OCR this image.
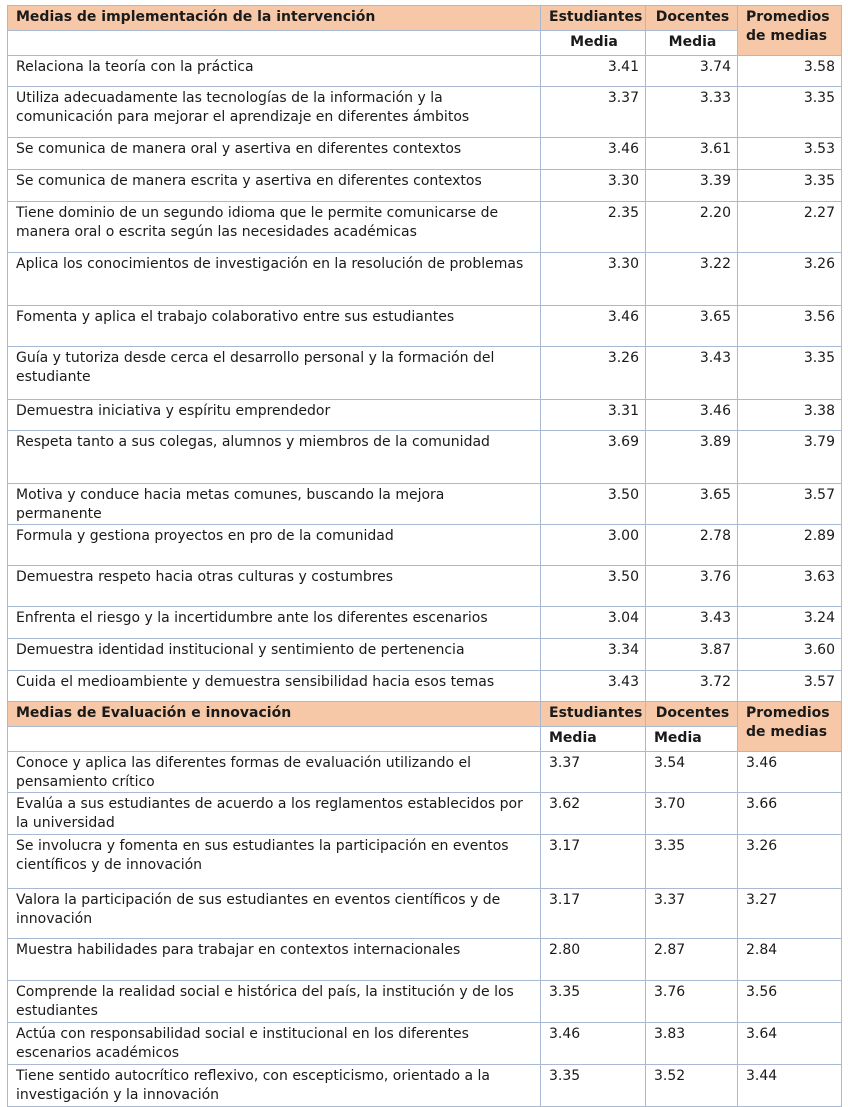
Medias de implementación de la intervención	Estudiantes	Docentes	Promedios de medias
	Media	Media	
Relaciona la teoría con la práctica	3.41	3.74	3.58
Utiliza adecuadamente las tecnologías de la información y la comunicación para mejorar el aprendizaje en diferentes ámbitos	3.37	3.33	3.35
Se comunica de manera oral y asertiva en diferentes contextos	3.46	3.61	3.53
Se comunica de manera escrita y asertiva en diferentes contextos	3.30	3.39	3.35
Tiene dominio de un segundo idioma que le permite comunicarse de manera oral o escrita según las necesidades académicas	2.35	2.20	2.27
Aplica los conocimientos de investigación en la resolución de problemas	3.30	3.22	3.26
Fomenta y aplica el trabajo colaborativo entre sus estudiantes	3.46	3.65	3.56
Guía y tutoriza desde cerca el desarrollo personal y la formación del estudiante	3.26	3.43	3.35
Demuestra iniciativa y espíritu emprendedor	3.31	3.46	3.38
Respeta tanto a sus colegas, alumnos y miembros de la comunidad	3.69	3.89	3.79
Motiva y conduce hacia metas comunes, buscando la mejora permanente	3.50	3.65	3.57
Formula y gestiona proyectos en pro de la comunidad	3.00	2.78	2.89
Demuestra respeto hacia otras culturas y costumbres	3.50	3.76	3.63
Enfrenta el riesgo y la incertidumbre ante los diferentes escenarios	3.04	3.43	3.24
Demuestra identidad institucional y sentimiento de pertenencia	3.34	3.87	3.60
Cuida el medioambiente y demuestra sensibilidad hacia esos temas	3.43	3.72	3.57
Medias de Evaluación e innovación	Estudiantes	Docentes	Promedios de medias
	Media	Media	
Conoce y aplica las diferentes formas de evaluación utilizando el pensamiento crítico	3.37	3.54	3.46
Evalúa a sus estudiantes de acuerdo a los reglamentos establecidos por la universidad	3.62	3.70	3.66
Se involucra y fomenta en sus estudiantes la participación en eventos científicos y de innovación	3.17	3.35	3.26
Valora la participación de sus estudiantes en eventos científicos y de innovación	3.17	3.37	3.27
Muestra habilidades para trabajar en contextos internacionales	2.80	2.87	2.84
Comprende la realidad social e histórica del país, la institución y de los estudiantes	3.35	3.76	3.56
Actúa con responsabilidad social e institucional en los diferentes escenarios académicos	3.46	3.83	3.64
Tiene sentido autocrítico reflexivo, con escepticismo, orientado a la investigación y la innovación	3.35	3.52	3.44
